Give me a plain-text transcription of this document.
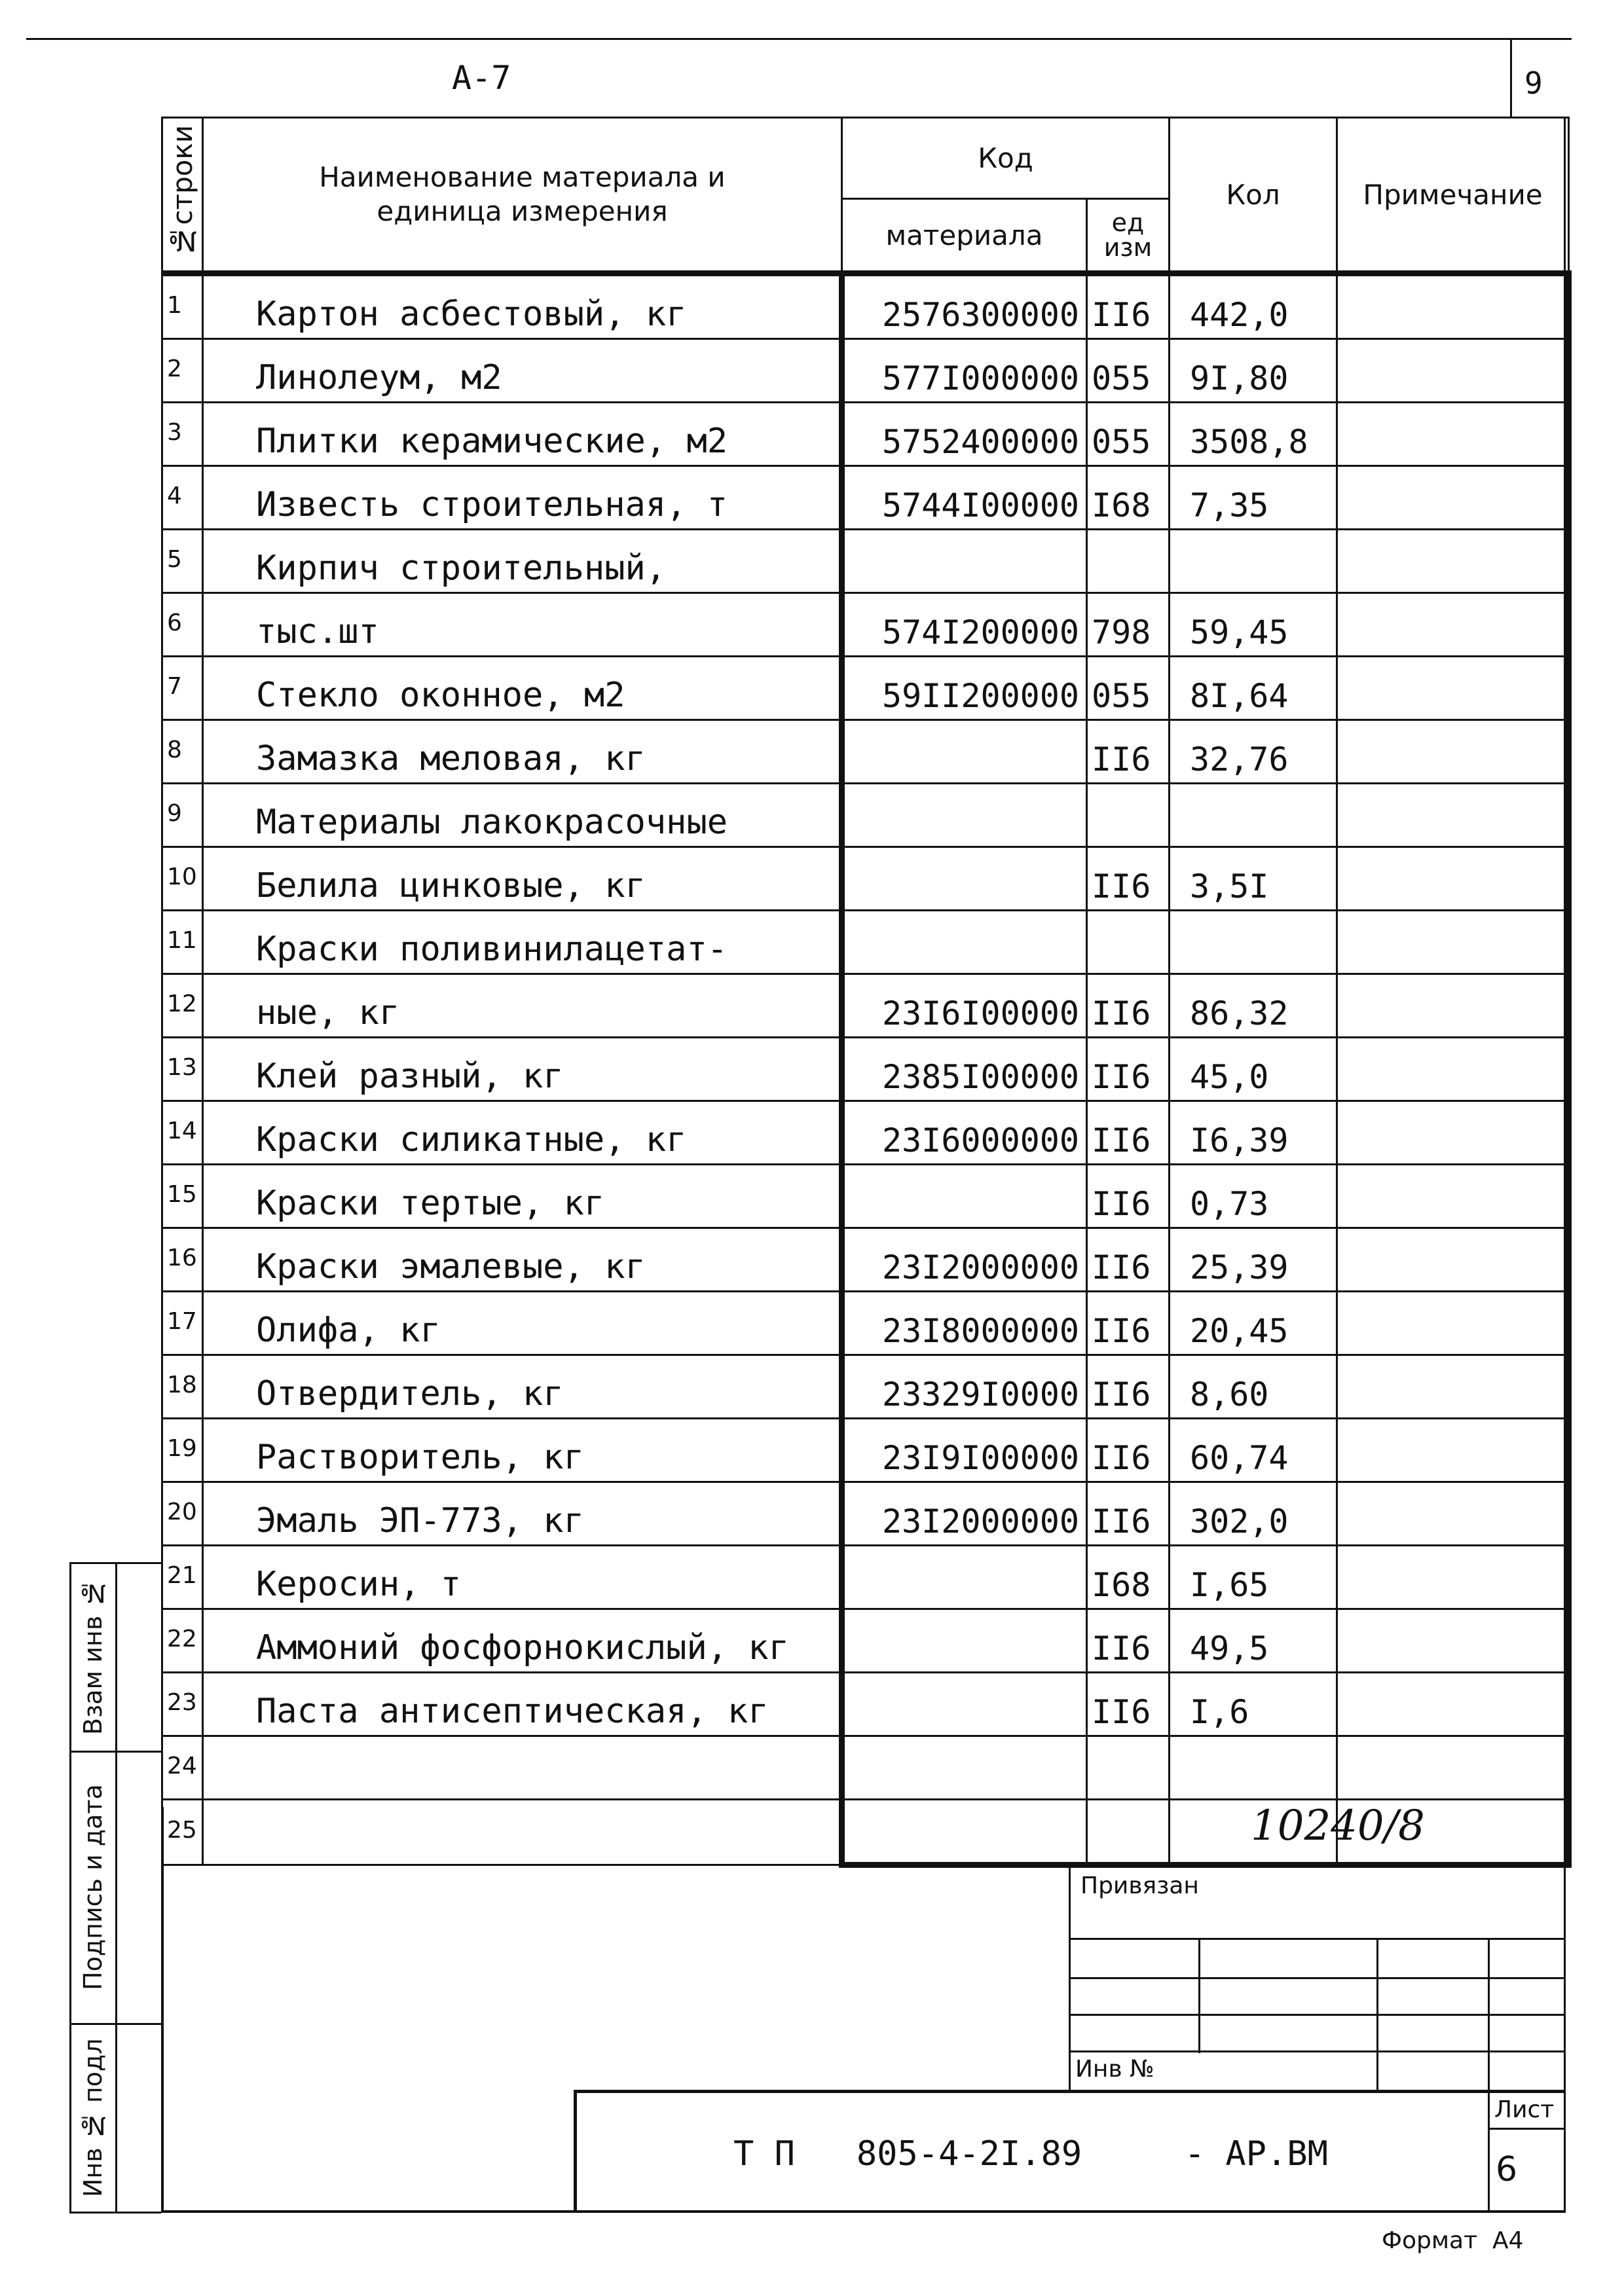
А-7	9
№строки	Наименование материала и
единица измерения	Код		Кол	Примечание
		материала	ед
изм		
1	Картон асбестовый, кг	2576300000	II6	442,0	
2	Линолеум, м2	577I000000	055	9I,80	
3	Плитки керамические, м2	5752400000	055	3508,8	
4	Известь строительная, т	5744I00000	I68	7,35	
5	Кирпич строительный,				
6	тыс.шт	574I200000	798	59,45	
7	Стекло оконное, м2	59II200000	055	8I,64	
8	Замазка меловая, кг		II6	32,76	
9	Материалы лакокрасочные				
10	Белила цинковые, кг		II6	3,5I	
11	Краски поливинилацетат-				
12	ные, кг	23I6I00000	II6	86,32	
13	Клей разный, кг	2385I00000	II6	45,0	
14	Краски силикатные, кг	23I6000000	II6	I6,39	
15	Краски тертые, кг		II6	0,73	
16	Краски эмалевые, кг	23I2000000	II6	25,39	
17	Олифа, кг	23I8000000	II6	20,45	
18	Отвердитель, кг	23329I0000	II6	8,60	
19	Растворитель, кг	23I9I00000	II6	60,74	
20	Эмаль ЭП-773, кг	23I2000000	II6	302,0	
21	Керосин, т		I68	I,65	
22	Аммоний фосфорнокислый, кг		II6	49,5	
23	Паста антисептическая, кг		II6	I,6	
24					
25					
Взам инв №
Подпись и дата
Инв № подл
10240/8
Привязан
Инв №
Т П   805-4-2I.89     - АР.ВМ
Лист
6
Формат  А4
